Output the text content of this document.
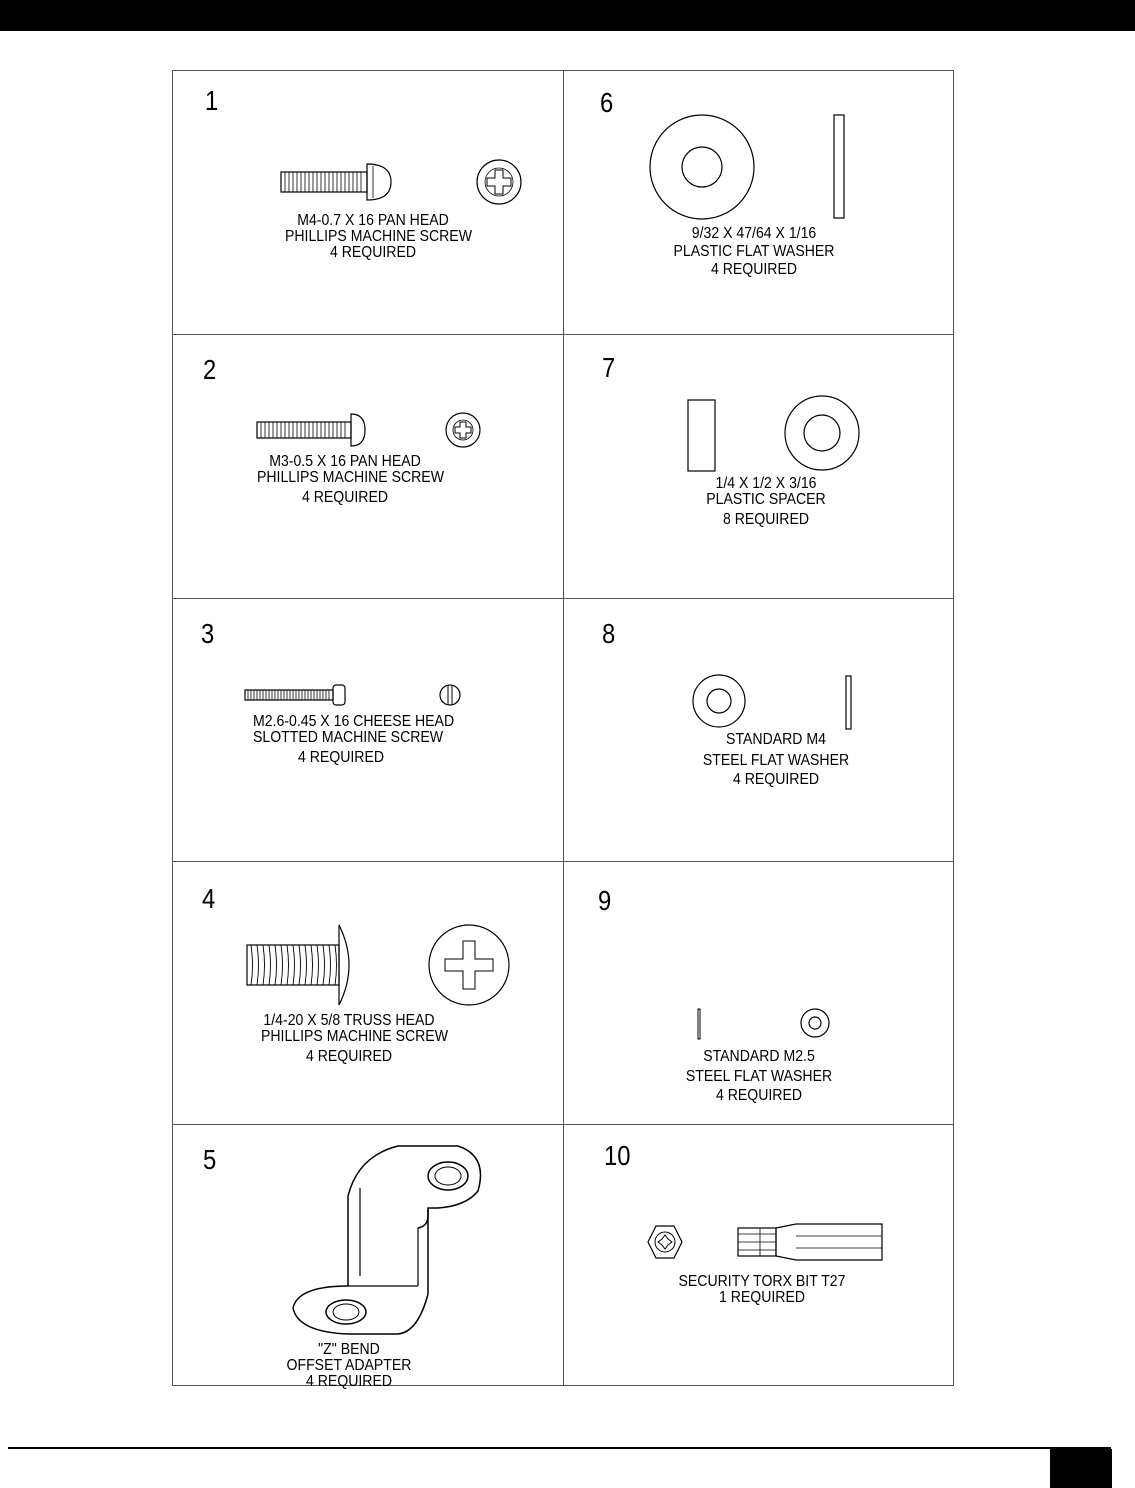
1
M4-0.7 X 16 PAN HEAD
PHILLIPS MACHINE SCREW
4 REQUIRED
2
M3-0.5 X 16 PAN HEAD
PHILLIPS MACHINE SCREW
4 REQUIRED
3
M2.6-0.45 X 16 CHEESE HEAD
SLOTTED MACHINE SCREW
4 REQUIRED
4
1/4-20 X 5/8 TRUSS HEAD
PHILLIPS MACHINE SCREW
4 REQUIRED
5
"Z" BEND
OFFSET ADAPTER
4 REQUIRED
6
9/32 X 47/64 X 1/16
PLASTIC FLAT WASHER
4 REQUIRED
7
1/4 X 1/2 X 3/16
PLASTIC SPACER
8 REQUIRED
8
STANDARD M4
STEEL FLAT WASHER
4 REQUIRED
9
STANDARD M2.5
STEEL FLAT WASHER
4 REQUIRED
10
SECURITY TORX BIT T27
1 REQUIRED
